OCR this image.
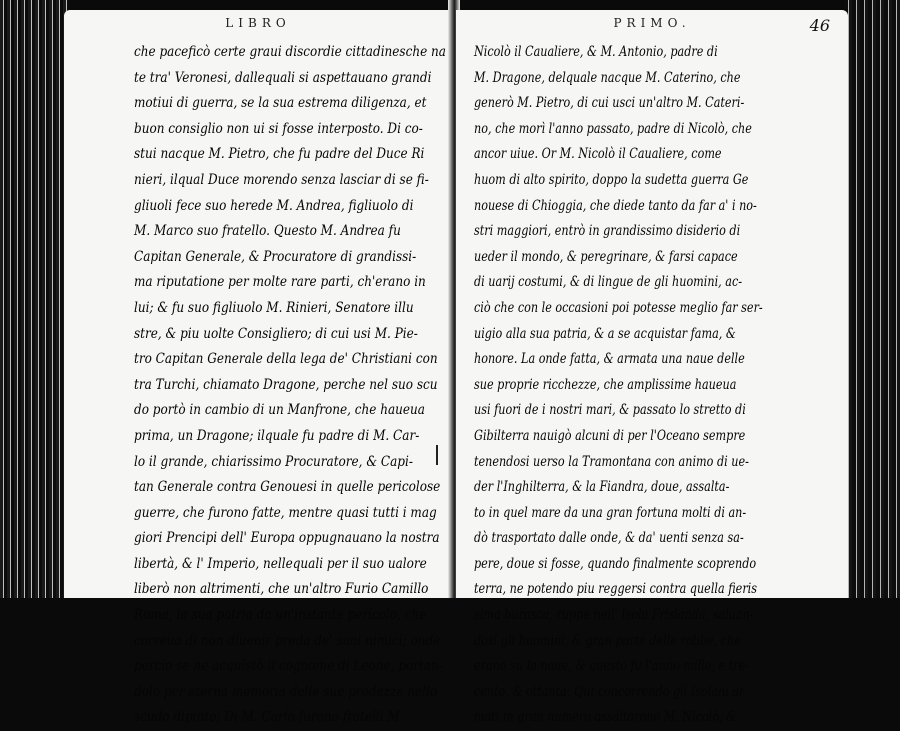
LIBRO
che paceficò certe graui discordie cittadinesche na
te tra' Veronesi, dallequali si aspettauano grandi
motiui di guerra, se la sua estrema diligenza, et
buon consiglio non ui si fosse interposto. Di co-
stui nacque M. Pietro, che fu padre del Duce Ri
nieri, ilqual Duce morendo senza lasciar di se fi-
gliuoli fece suo herede M. Andrea, figliuolo di
M. Marco suo fratello. Questo M. Andrea fu
Capitan Generale, & Procuratore di grandissi-
ma riputatione per molte rare parti, ch'erano in
lui; & fu suo figliuolo M. Rinieri, Senatore illu
stre, & piu uolte Consigliero; di cui usi M. Pie-
tro Capitan Generale della lega de' Christiani con
tra Turchi, chiamato Dragone, perche nel suo scu
do portò in cambio di un Manfrone, che haueua
prima, un Dragone; ilquale fu padre di M. Car-
lo il grande, chiarissimo Procuratore, & Capi-
tan Generale contra Genouesi in quelle pericolose
guerre, che furono fatte, mentre quasi tutti i mag
giori Prencipi dell' Europa oppugnauano la nostra
libertà, & l' Imperio, nellequali per il suo ualore
liberò non altrimenti, che un'altro Furio Camillo
Roma, la sua patria da un'instante pericolo, che
correua di non diuenir preda de' suoi nimici; onde
percio se ne acquistò il cognome di Leone, portan-
dolo per eterna memoria delle sue prodezze nello
scudo dipinto; Di M. Carlo furono fratelli M.
PRIMO.	46
Nicolò il Caualiere, & M. Antonio, padre di
M. Dragone, delquale nacque M. Caterino, che
generò M. Pietro, di cui usci un'altro M. Cateri-
no, che morì l'anno passato, padre di Nicolò, che
ancor uiue. Or M. Nicolò il Caualiere, come
huom di alto spirito, doppo la sudetta guerra Ge
nouese di Chioggia, che diede tanto da far a' i no-
stri maggiori, entrò in grandissimo disiderio di
ueder il mondo, & peregrinare, & farsi capace
di uarij costumi, & di lingue de gli huomini, ac-
ciò che con le occasioni poi potesse meglio far ser-
uigio alla sua patria, & a se acquistar fama, &
honore. La onde fatta, & armata una naue delle
sue proprie ricchezze, che amplissime haueua
usi fuori de i nostri mari, & passato lo stretto di
Gibilterra nauigò alcuni di per l'Oceano sempre
tenendosi uerso la Tramontana con animo di ue-
der l'Inghilterra, & la Fiandra, doue, assalta-
to in quel mare da una gran fortuna molti di an-
dò trasportato dalle onde, & da' uenti senza sa-
pere, doue si fosse, quando finalmente scoprendo
terra, ne potendo piu reggersi contra quella fieris
sima burasca, ruppe nell' Isola Frislanda, saluan-
dosi gli huomini, & gran parte delle robbe, che
erano su la naue, & questo fu l'anno mille, e tre-
cento, & ottanta; Qui concorrendo gli Isolani ar
mati in gran numero assaltarono M. Nicolò, &
